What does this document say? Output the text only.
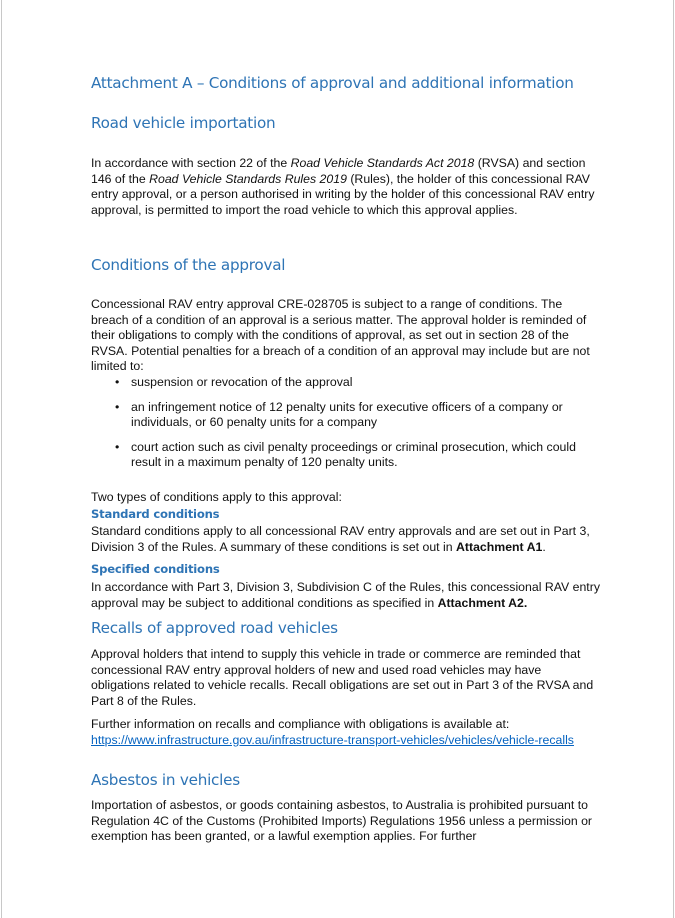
Attachment A – Conditions of approval and additional information
Road vehicle importation

In accordance with section 22 of the Road Vehicle Standards Act 2018 (RVSA) and section 146 of the Road Vehicle Standards Rules 2019 (Rules), the holder of this concessional RAV entry approval, or a person authorised in writing by the holder of this concessional RAV entry approval, is permitted to import the road vehicle to which this approval applies.

Conditions of the approval

Concessional RAV entry approval CRE-028705 is subject to a range of conditions. The breach of a condition of an approval is a serious matter. The approval holder is reminded of their obligations to comply with the conditions of approval, as set out in section 28 of the RVSA. Potential penalties for a breach of a condition of an approval may include but are not limited to:

• suspension or revocation of the approval
• an infringement notice of 12 penalty units for executive officers of a company or individuals, or 60 penalty units for a company
• court action such as civil penalty proceedings or criminal prosecution, which could result in a maximum penalty of 120 penalty units.

Two types of conditions apply to this approval:

Standard conditions

Standard conditions apply to all concessional RAV entry approvals and are set out in Part 3, Division 3 of the Rules. A summary of these conditions is set out in Attachment A1.

Specified conditions

In accordance with Part 3, Division 3, Subdivision C of the Rules, this concessional RAV entry approval may be subject to additional conditions as specified in Attachment A2.

Recalls of approved road vehicles

Approval holders that intend to supply this vehicle in trade or commerce are reminded that concessional RAV entry approval holders of new and used road vehicles may have obligations related to vehicle recalls. Recall obligations are set out in Part 3 of the RVSA and Part 8 of the Rules.

Further information on recalls and compliance with obligations is available at:
https://www.infrastructure.gov.au/infrastructure-transport-vehicles/vehicles/vehicle-recalls

Asbestos in vehicles

Importation of asbestos, or goods containing asbestos, to Australia is prohibited pursuant to Regulation 4C of the Customs (Prohibited Imports) Regulations 1956 unless a permission or exemption has been granted, or a lawful exemption applies. For further
